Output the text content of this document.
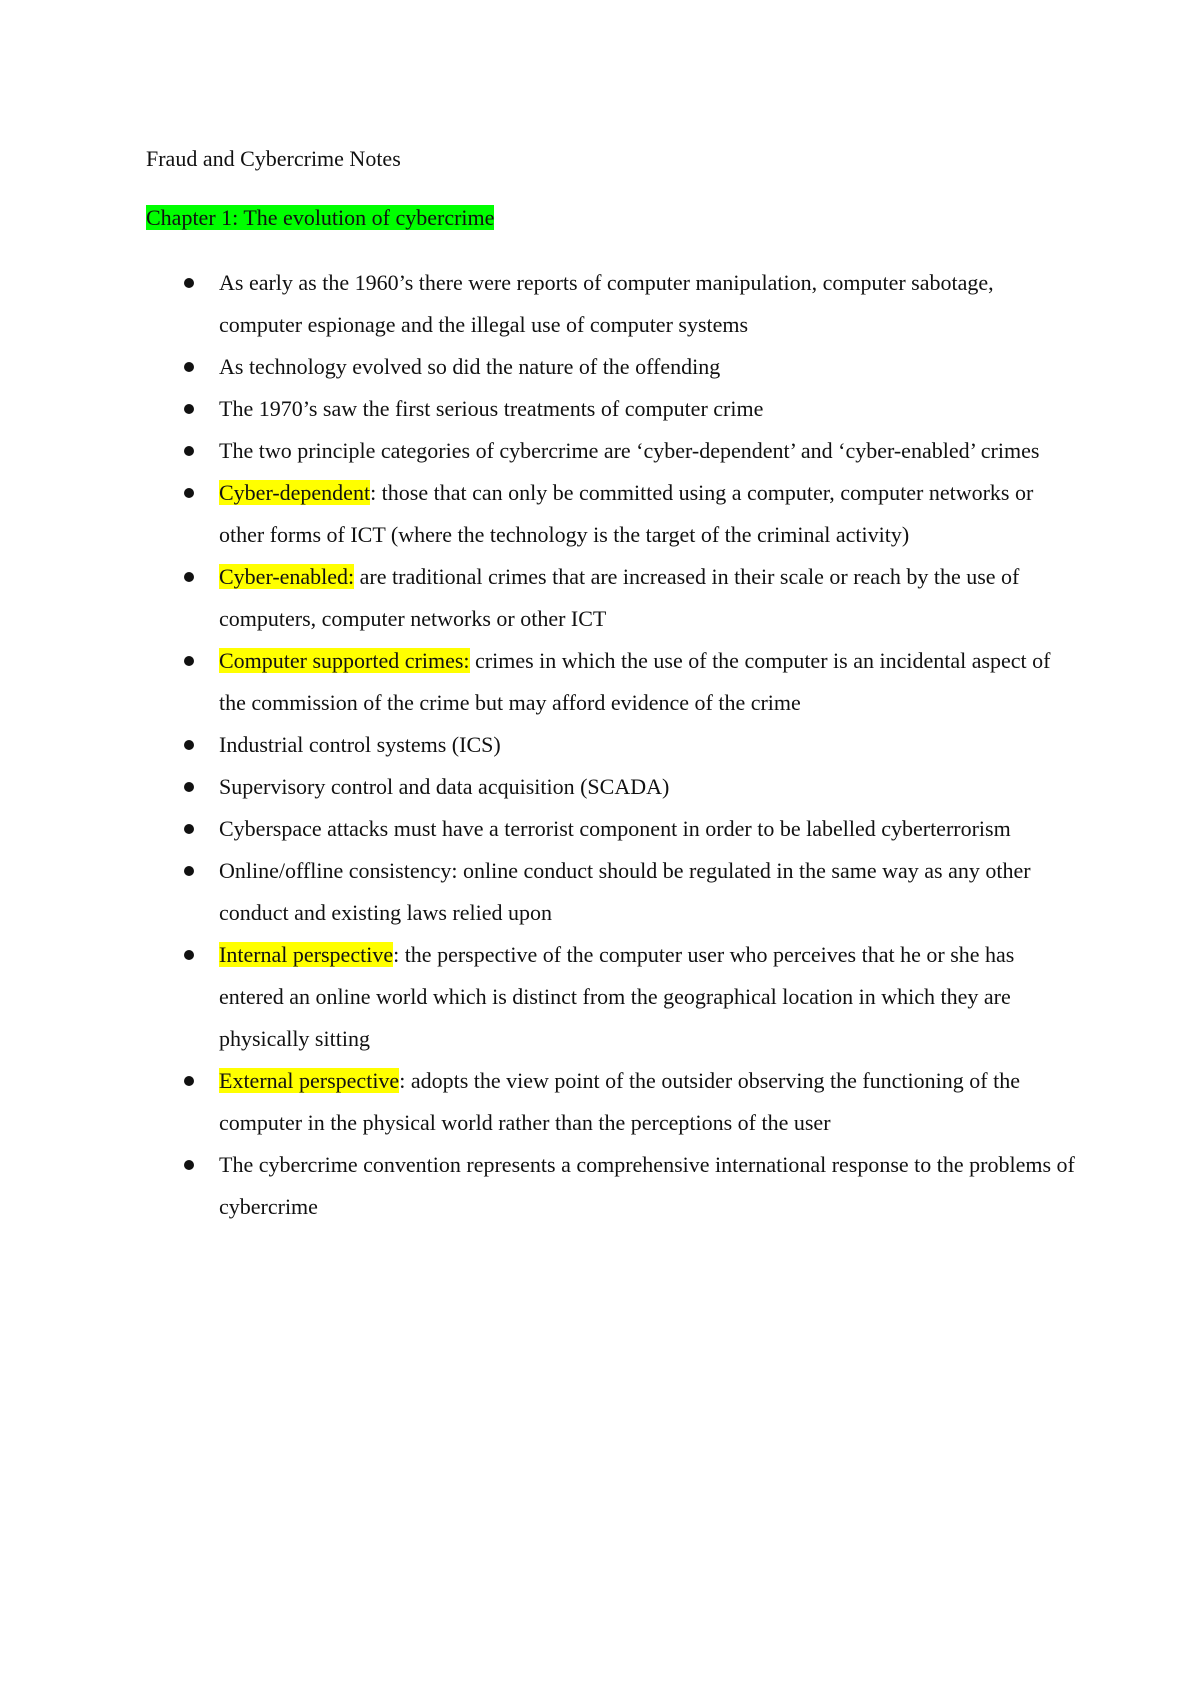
Fraud and Cybercrime Notes
Chapter 1: The evolution of cybercrime
As early as the 1960’s there were reports of computer manipulation, computer sabotage, computer espionage and the illegal use of computer systems
As technology evolved so did the nature of the offending
The 1970’s saw the first serious treatments of computer crime
The two principle categories of cybercrime are ‘cyber-dependent’ and ‘cyber-enabled’ crimes
Cyber-dependent: those that can only be committed using a computer, computer networks or other forms of ICT (where the technology is the target of the criminal activity)
Cyber-enabled: are traditional crimes that are increased in their scale or reach by the use of computers, computer networks or other ICT
Computer supported crimes: crimes in which the use of the computer is an incidental aspect of the commission of the crime but may afford evidence of the crime
Industrial control systems (ICS)
Supervisory control and data acquisition (SCADA)
Cyberspace attacks must have a terrorist component in order to be labelled cyberterrorism
Online/offline consistency: online conduct should be regulated in the same way as any other conduct and existing laws relied upon
Internal perspective: the perspective of the computer user who perceives that he or she has entered an online world which is distinct from the geographical location in which they are physically sitting
External perspective: adopts the view point of the outsider observing the functioning of the computer in the physical world rather than the perceptions of the user
The cybercrime convention represents a comprehensive international response to the problems of cybercrime
